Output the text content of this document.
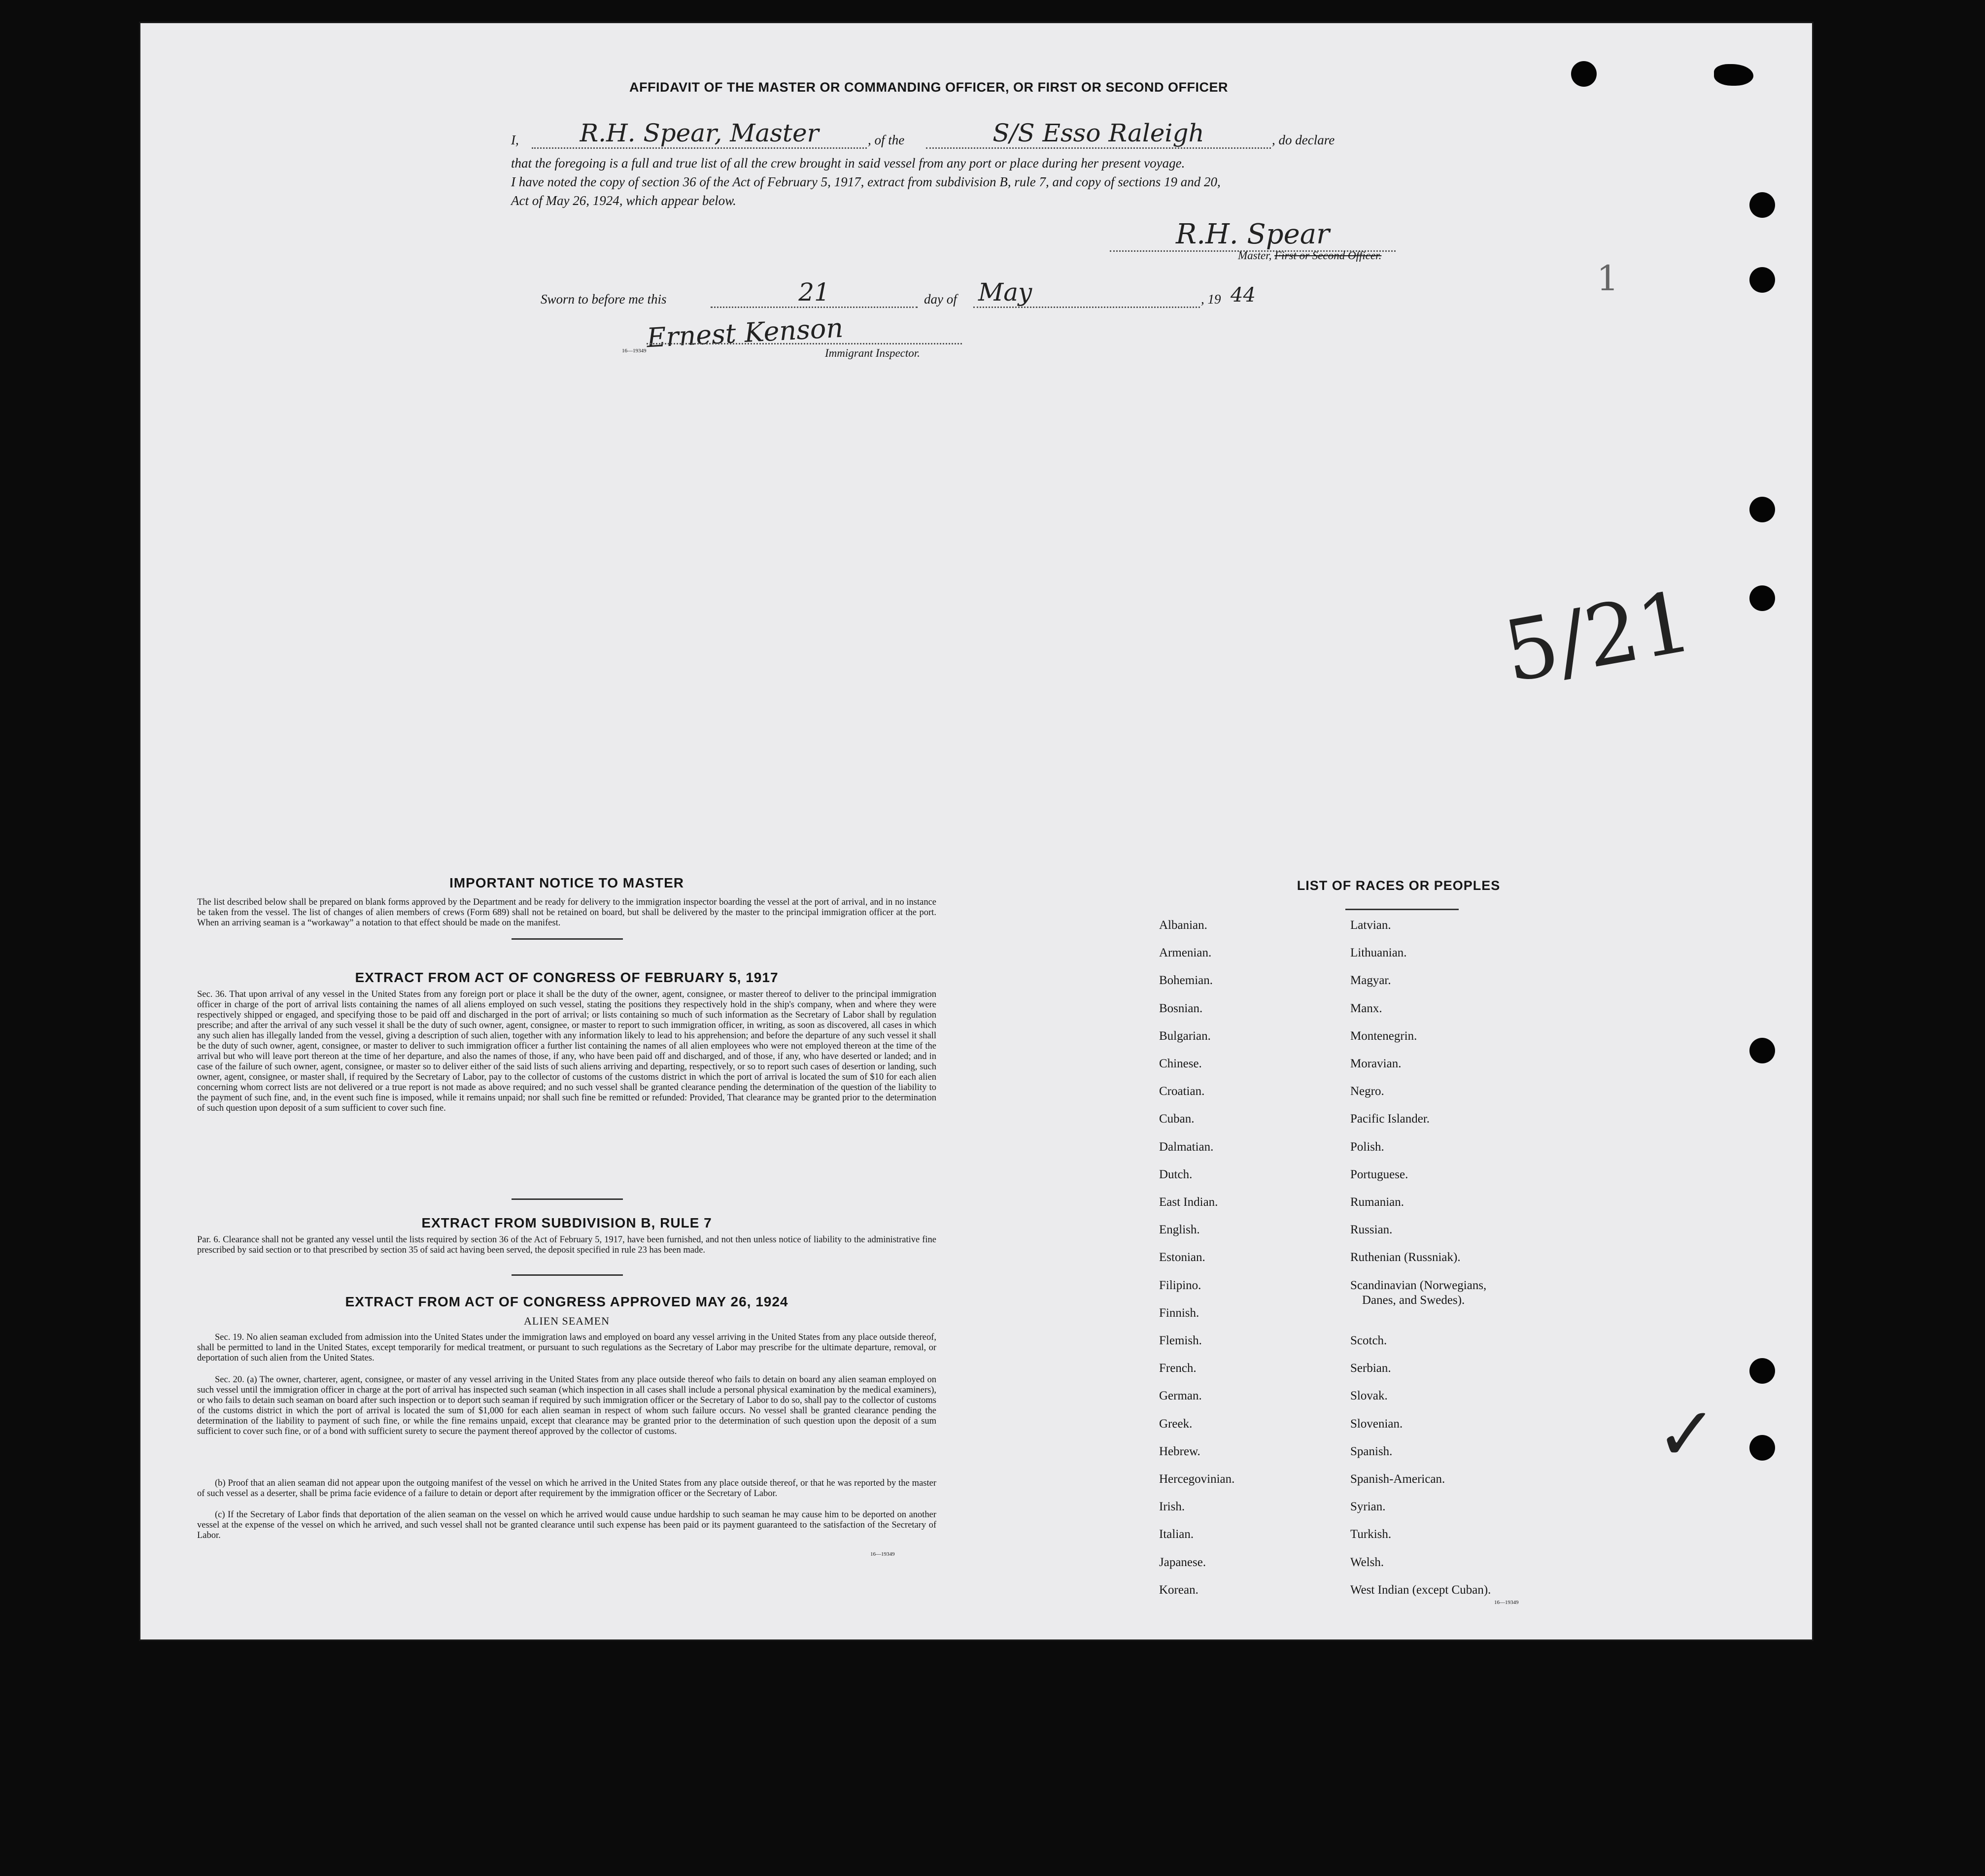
AFFIDAVIT OF THE MASTER OR COMMANDING OFFICER, OR FIRST OR SECOND OFFICER
I,	R.H. Spear, Master	, of the	S/S Esso Raleigh	, do declare
that the foregoing is a full and true list of all the crew brought in said vessel from any port or place during her present voyage.
I have noted the copy of section 36 of the Act of February 5, 1917, extract from subdivision B, rule 7, and copy of sections 19 and 20,
Act of May 26, 1924, which appear below.
R.H. Spear
Master, First or Second Officer.
Sworn to before me this	21	day of May	, 19 44
Ernest Kenson
16—19349	Immigrant Inspector.
5/21
✓
1
IMPORTANT NOTICE TO MASTER
The list described below shall be prepared on blank forms approved by the Department and be ready for delivery to the immigration inspector boarding the vessel at the port of arrival, and in no instance be taken from the vessel. The list of changes of alien members of crews (Form 689) shall not be retained on board, but shall be delivered by the master to the principal immigration officer at the port. When an arriving seaman is a “workaway” a notation to that effect should be made on the manifest.
EXTRACT FROM ACT OF CONGRESS OF FEBRUARY 5, 1917
Sec. 36. That upon arrival of any vessel in the United States from any foreign port or place it shall be the duty of the owner, agent, consignee, or master thereof to deliver to the principal immigration officer in charge of the port of arrival lists containing the names of all aliens employed on such vessel, stating the positions they respectively hold in the ship's company, when and where they were respectively shipped or engaged, and specifying those to be paid off and discharged in the port of arrival; or lists containing so much of such information as the Secretary of Labor shall by regulation prescribe; and after the arrival of any such vessel it shall be the duty of such owner, agent, consignee, or master to report to such immigration officer, in writing, as soon as discovered, all cases in which any such alien has illegally landed from the vessel, giving a description of such alien, together with any information likely to lead to his apprehension; and before the departure of any such vessel it shall be the duty of such owner, agent, consignee, or master to deliver to such immigration officer a further list containing the names of all alien employees who were not employed thereon at the time of the arrival but who will leave port thereon at the time of her departure, and also the names of those, if any, who have been paid off and discharged, and of those, if any, who have deserted or landed; and in case of the failure of such owner, agent, consignee, or master so to deliver either of the said lists of such aliens arriving and departing, respectively, or so to report such cases of desertion or landing, such owner, agent, consignee, or master shall, if required by the Secretary of Labor, pay to the collector of customs of the customs district in which the port of arrival is located the sum of $10 for each alien concerning whom correct lists are not delivered or a true report is not made as above required; and no such vessel shall be granted clearance pending the determination of the question of the liability to the payment of such fine, and, in the event such fine is imposed, while it remains unpaid; nor shall such fine be remitted or refunded: Provided, That clearance may be granted prior to the determination of such question upon deposit of a sum sufficient to cover such fine.
EXTRACT FROM SUBDIVISION B, RULE 7
Par. 6. Clearance shall not be granted any vessel until the lists required by section 36 of the Act of February 5, 1917, have been furnished, and not then unless notice of liability to the administrative fine prescribed by said section or to that prescribed by section 35 of said act having been served, the deposit specified in rule 23 has been made.
EXTRACT FROM ACT OF CONGRESS APPROVED MAY 26, 1924
ALIEN SEAMEN
Sec. 19. No alien seaman excluded from admission into the United States under the immigration laws and employed on board any vessel arriving in the United States from any place outside thereof, shall be permitted to land in the United States, except temporarily for medical treatment, or pursuant to such regulations as the Secretary of Labor may prescribe for the ultimate departure, removal, or deportation of such alien from the United States.
Sec. 20. (a) The owner, charterer, agent, consignee, or master of any vessel arriving in the United States from any place outside thereof who fails to detain on board any alien seaman employed on such vessel until the immigration officer in charge at the port of arrival has inspected such seaman (which inspection in all cases shall include a personal physical examination by the medical examiners), or who fails to detain such seaman on board after such inspection or to deport such seaman if required by such immigration officer or the Secretary of Labor to do so, shall pay to the collector of customs of the customs district in which the port of arrival is located the sum of $1,000 for each alien seaman in respect of whom such failure occurs. No vessel shall be granted clearance pending the determination of the liability to payment of such fine, or while the fine remains unpaid, except that clearance may be granted prior to the determination of such question upon the deposit of a sum sufficient to cover such fine, or of a bond with sufficient surety to secure the payment thereof approved by the collector of customs.
(b) Proof that an alien seaman did not appear upon the outgoing manifest of the vessel on which he arrived in the United States from any place outside thereof, or that he was reported by the master of such vessel as a deserter, shall be prima facie evidence of a failure to detain or deport after requirement by the immigration officer or the Secretary of Labor.
(c) If the Secretary of Labor finds that deportation of the alien seaman on the vessel on which he arrived would cause undue hardship to such seaman he may cause him to be deported on another vessel at the expense of the vessel on which he arrived, and such vessel shall not be granted clearance until such expense has been paid or its payment guaranteed to the satisfaction of the Secretary of Labor.
16—19349
LIST OF RACES OR PEOPLES
Albanian.
Armenian.
Bohemian.
Bosnian.
Bulgarian.
Chinese.
Croatian.
Cuban.
Dalmatian.
Dutch.
East Indian.
English.
Estonian.
Filipino.
Finnish.
Flemish.
French.
German.
Greek.
Hebrew.
Hercegovinian.
Irish.
Italian.
Japanese.
Korean.
Latvian.
Lithuanian.
Magyar.
Manx.
Montenegrin.
Moravian.
Negro.
Pacific Islander.
Polish.
Portuguese.
Rumanian.
Russian.
Ruthenian (Russniak).
Scandinavian (Norwegians,
Danes, and Swedes).
Scotch.
Serbian.
Slovak.
Slovenian.
Spanish.
Spanish-American.
Syrian.
Turkish.
Welsh.
West Indian (except Cuban).
16—19349
